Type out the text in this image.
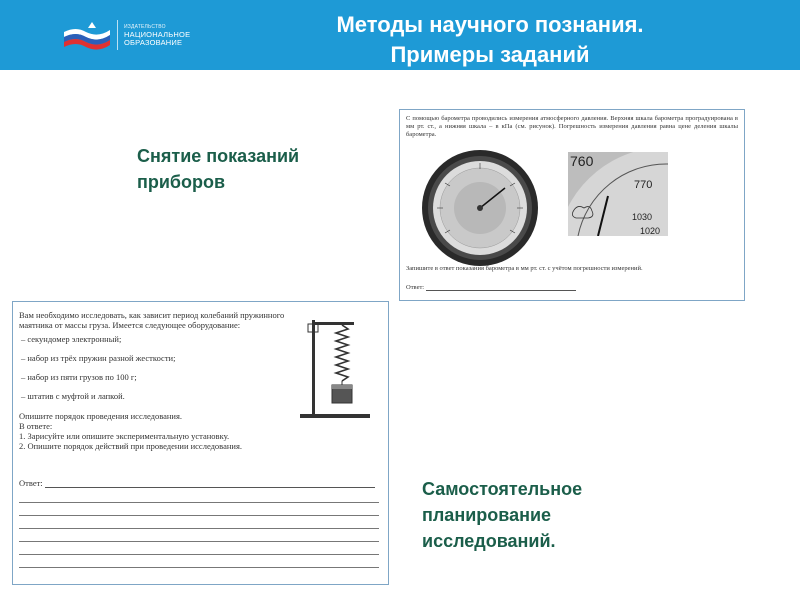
ИЗДАТЕЛЬСТВО
НАЦИОНАЛЬНОЕ
ОБРАЗОВАНИЕ
Методы научного познания.
Примеры заданий
Снятие показаний приборов
Самостоятельное планирование исследований.
С помощью барометра проводились измерения атмосферного давления. Верхняя шкала барометра проградуирована в мм рт. ст., а нижняя шкала – в кПа (см. рисунок). Погрешность измерения давления равна цене деления шкалы барометра.
760
770
1030
1020
Запишите в ответ показания барометра в мм рт. ст. с учётом погрешности измерений.
Ответ:
Вам необходимо исследовать, как зависит период колебаний пружинного маятника от массы груза. Имеется следующее оборудование:
– секундомер электронный;
– набор из трёх пружин разной жесткости;
– набор из пяти грузов по 100 г;
– штатив с муфтой и лапкой.
Опишите порядок проведения исследования.
В ответе:
1. Зарисуйте или опишите экспериментальную установку.
2. Опишите порядок действий при проведении исследования.
Ответ:
